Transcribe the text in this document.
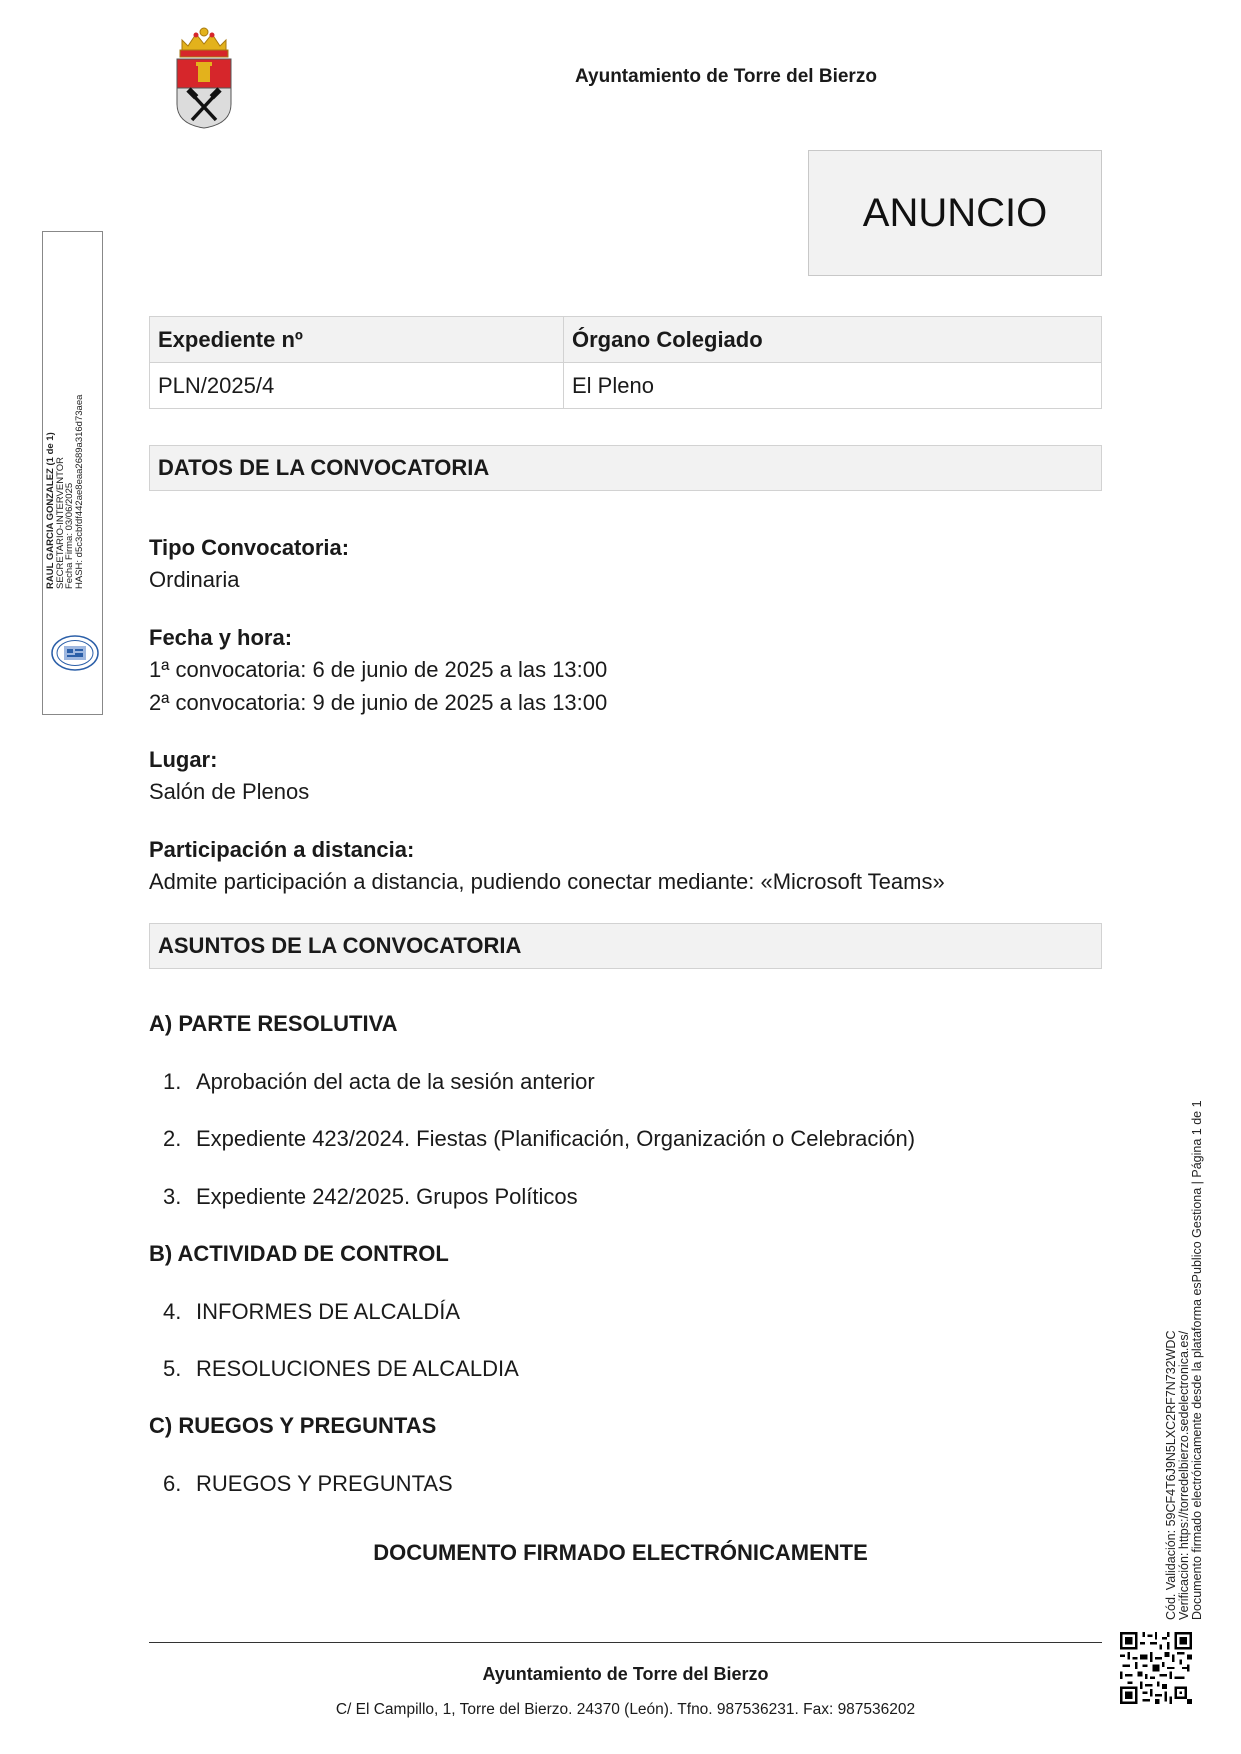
Ayuntamiento de Torre del Bierzo
ANUNCIO
RAUL GARCIA GONZALEZ (1 de 1)
SECRETARIO-INTERVENTOR
Fecha Firma: 03/06/2025
HASH: d5c3cbfdf442ae8eaa2689a316d73aea
Expediente nº	Órgano Colegiado
PLN/2025/4	El Pleno
DATOS DE LA CONVOCATORIA
Tipo Convocatoria:
Ordinaria
Fecha y hora:
1ª convocatoria: 6 de junio de 2025 a las 13:00
2ª convocatoria: 9 de junio de 2025 a las 13:00
Lugar:
Salón de Plenos
Participación a distancia:
Admite participación a distancia, pudiendo conectar mediante: «Microsoft Teams»
ASUNTOS DE LA CONVOCATORIA
A) PARTE RESOLUTIVA
1. Aprobación del acta de la sesión anterior
2. Expediente 423/2024. Fiestas (Planificación, Organización o Celebración)
3. Expediente 242/2025. Grupos Políticos
B) ACTIVIDAD DE CONTROL
4. INFORMES DE ALCALDÍA
5. RESOLUCIONES DE ALCALDIA
C) RUEGOS Y PREGUNTAS
6. RUEGOS Y PREGUNTAS
DOCUMENTO FIRMADO ELECTRÓNICAMENTE
Ayuntamiento de Torre del Bierzo
C/ El Campillo, 1, Torre del Bierzo. 24370 (León). Tfno. 987536231. Fax: 987536202
Cód. Validación: 59CF4T6J9N5LXC2RF7N732WDC Verificación: https://torredelbierzo.sedelectronica.es/ Documento firmado electrónicamente desde la plataforma esPublico Gestiona | Página 1 de 1
